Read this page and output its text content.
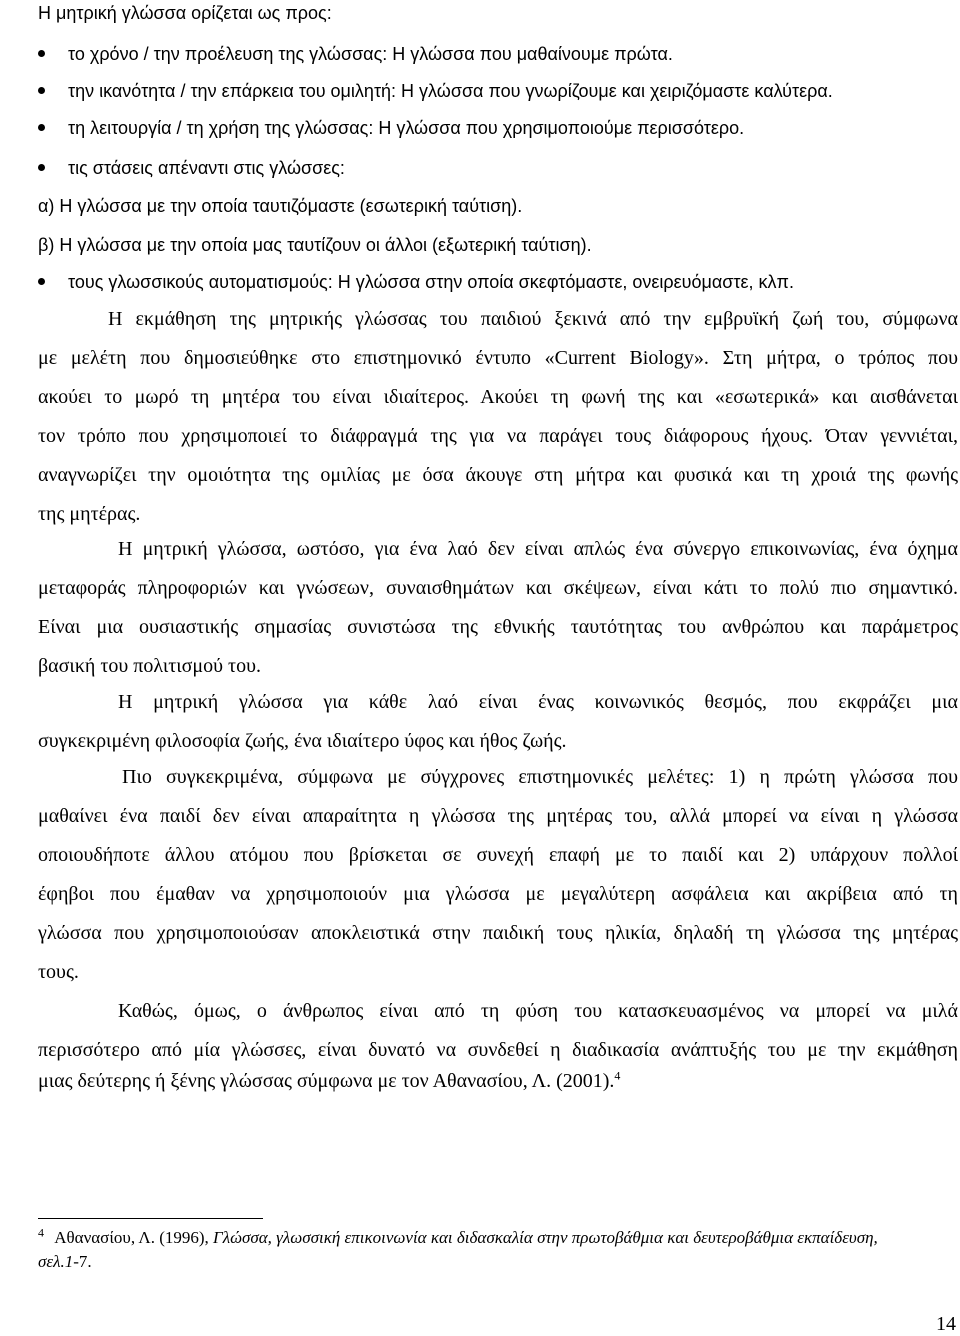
Η μητρική γλώσσα ορίζεται ως προς:
το χρόνο / την προέλευση της γλώσσας: Η γλώσσα που μαθαίνουμε πρώτα.
την ικανότητα / την επάρκεια του ομιλητή: Η γλώσσα που γνωρίζουμε και χειριζόμαστε καλύτερα.
τη λειτουργία / τη χρήση της γλώσσας: Η γλώσσα που χρησιμοποιούμε περισσότερο.
τις στάσεις απέναντι στις γλώσσες:
α) Η γλώσσα με την οποία ταυτιζόμαστε (εσωτερική ταύτιση).
β) Η γλώσσα με την οποία μας ταυτίζουν οι άλλοι (εξωτερική ταύτιση).
τους γλωσσικούς αυτοματισμούς: Η γλώσσα στην οποία σκεφτόμαστε, ονειρευόμαστε, κλπ.
Η εκμάθηση της μητρικής γλώσσας του παιδιού ξεκινά από την εμβρυϊκή ζωή του, σύμφωνα
με μελέτη που δημοσιεύθηκε στο επιστημονικό έντυπο «Current Biology». Στη μήτρα, ο τρόπος που
ακούει το μωρό τη μητέρα του είναι ιδιαίτερος. Ακούει τη φωνή της και «εσωτερικά» και αισθάνεται
τον τρόπο που χρησιμοποιεί το διάφραγμά της για να παράγει τους διάφορους ήχους. Όταν γεννιέται,
αναγνωρίζει την ομοιότητα της ομιλίας με όσα άκουγε στη μήτρα και φυσικά και τη χροιά της φωνής
της μητέρας.
Η μητρική γλώσσα, ωστόσο, για ένα λαό δεν είναι απλώς ένα σύνεργο επικοινωνίας, ένα όχημα
μεταφοράς πληροφοριών και γνώσεων, συναισθημάτων και σκέψεων, είναι κάτι το πολύ πιο σημαντικό.
Είναι μια ουσιαστικής σημασίας συνιστώσα της εθνικής ταυτότητας του ανθρώπου και παράμετρος
βασική του πολιτισμού του.
Η μητρική γλώσσα για κάθε λαό είναι ένας κοινωνικός θεσμός, που εκφράζει μια
συγκεκριμένη φιλοσοφία ζωής, ένα ιδιαίτερο ύφος και ήθος ζωής.
Πιο συγκεκριμένα, σύμφωνα με σύγχρονες επιστημονικές μελέτες: 1) η πρώτη γλώσσα που
μαθαίνει ένα παιδί δεν είναι απαραίτητα η γλώσσα της μητέρας του, αλλά μπορεί να είναι η γλώσσα
οποιουδήποτε άλλου ατόμου που βρίσκεται σε συνεχή επαφή με το παιδί και 2) υπάρχουν πολλοί
έφηβοι που έμαθαν να χρησιμοποιούν μια γλώσσα με μεγαλύτερη ασφάλεια και ακρίβεια από τη
γλώσσα που χρησιμοποιούσαν αποκλειστικά στην παιδική τους ηλικία, δηλαδή τη γλώσσα της μητέρας
τους.
Καθώς, όμως, ο άνθρωπος είναι από τη φύση του κατασκευασμένος να μπορεί να μιλά
περισσότερο από μία γλώσσες, είναι δυνατό να συνδεθεί η διαδικασία ανάπτυξής του με την εκμάθηση
μιας δεύτερης ή ξένης γλώσσας σύμφωνα με τον Αθανασίου, Λ. (2001).$^4$
$^4$ Αθανασίου, Λ. (1996), Γλώσσα, γλωσσική επικοινωνία και διδασκαλία στην πρωτοβάθμια και δευτεροβάθμια εκπαίδευση,
σελ.1-7.
14
